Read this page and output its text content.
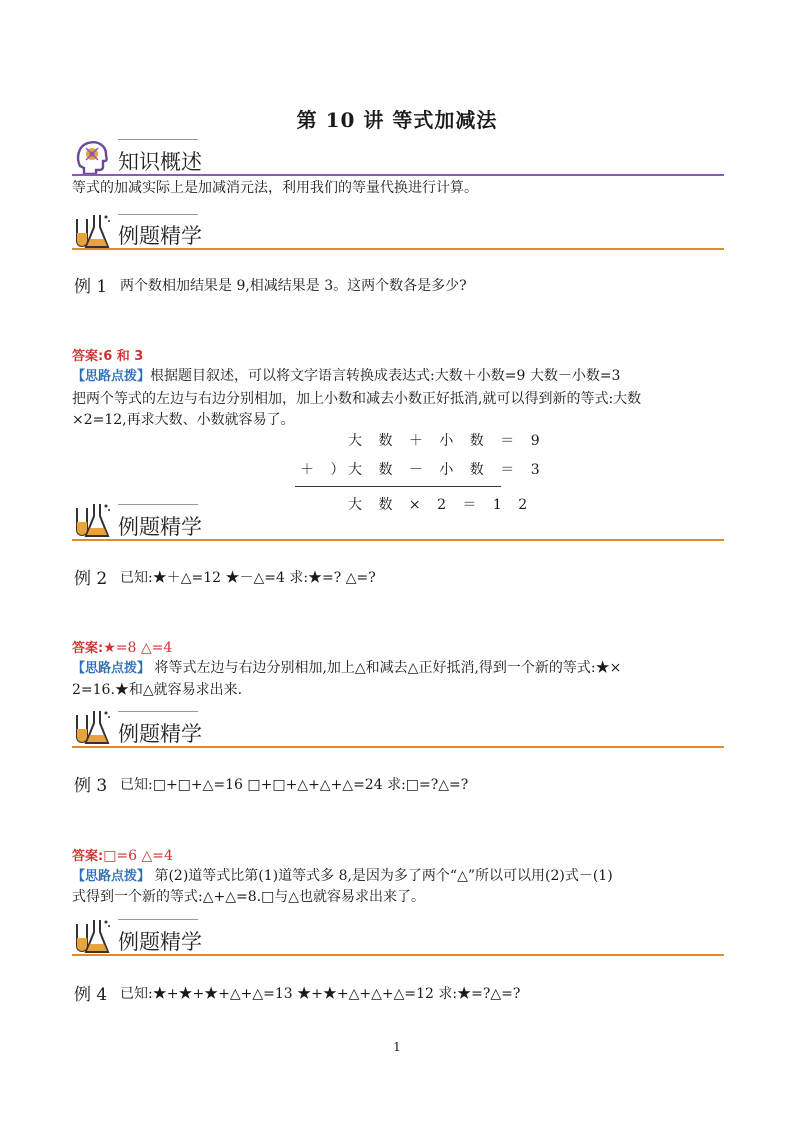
第 10 讲 等式加减法
知识概述
等式的加减实际上是加减消元法，利用我们的等量代换进行计算。
例题精学
例 1 两个数相加结果是 9,相减结果是 3。这两个数各是多少?
答案:6 和 3
【思路点拨】根据题目叙述，可以将文字语言转换成表达式:大数＋小数=9 大数－小数=3
把两个等式的左边与右边分别相加，加上小数和减去小数正好抵消,就可以得到新的等式:大数
×2=12,再求大数、小数就容易了。
大 数 ＋ 小 数 ＝ 9
＋ ）
大 数 － 小 数 ＝ 3
大 数 × 2 ＝ 1 2
例题精学
例 2 已知:★＋△=12 ★－△=4 求:★=? △=?
答案:★=8 △=4
【思路点拨】 将等式左边与右边分别相加,加上△和减去△正好抵消,得到一个新的等式:★×
2=16.★和△就容易求出来.
例题精学
例 3 已知:□+□+△=16 □+□+△+△+△=24 求:□=?△=?
答案:□=6 △=4
【思路点拨】 第(2)道等式比第(1)道等式多 8,是因为多了两个“△”所以可以用(2)式－(1)
式得到一个新的等式:△+△=8.□与△也就容易求出来了。
例题精学
例 4 已知:★+★+★+△+△=13 ★+★+△+△+△=12 求:★=?△=?
1
